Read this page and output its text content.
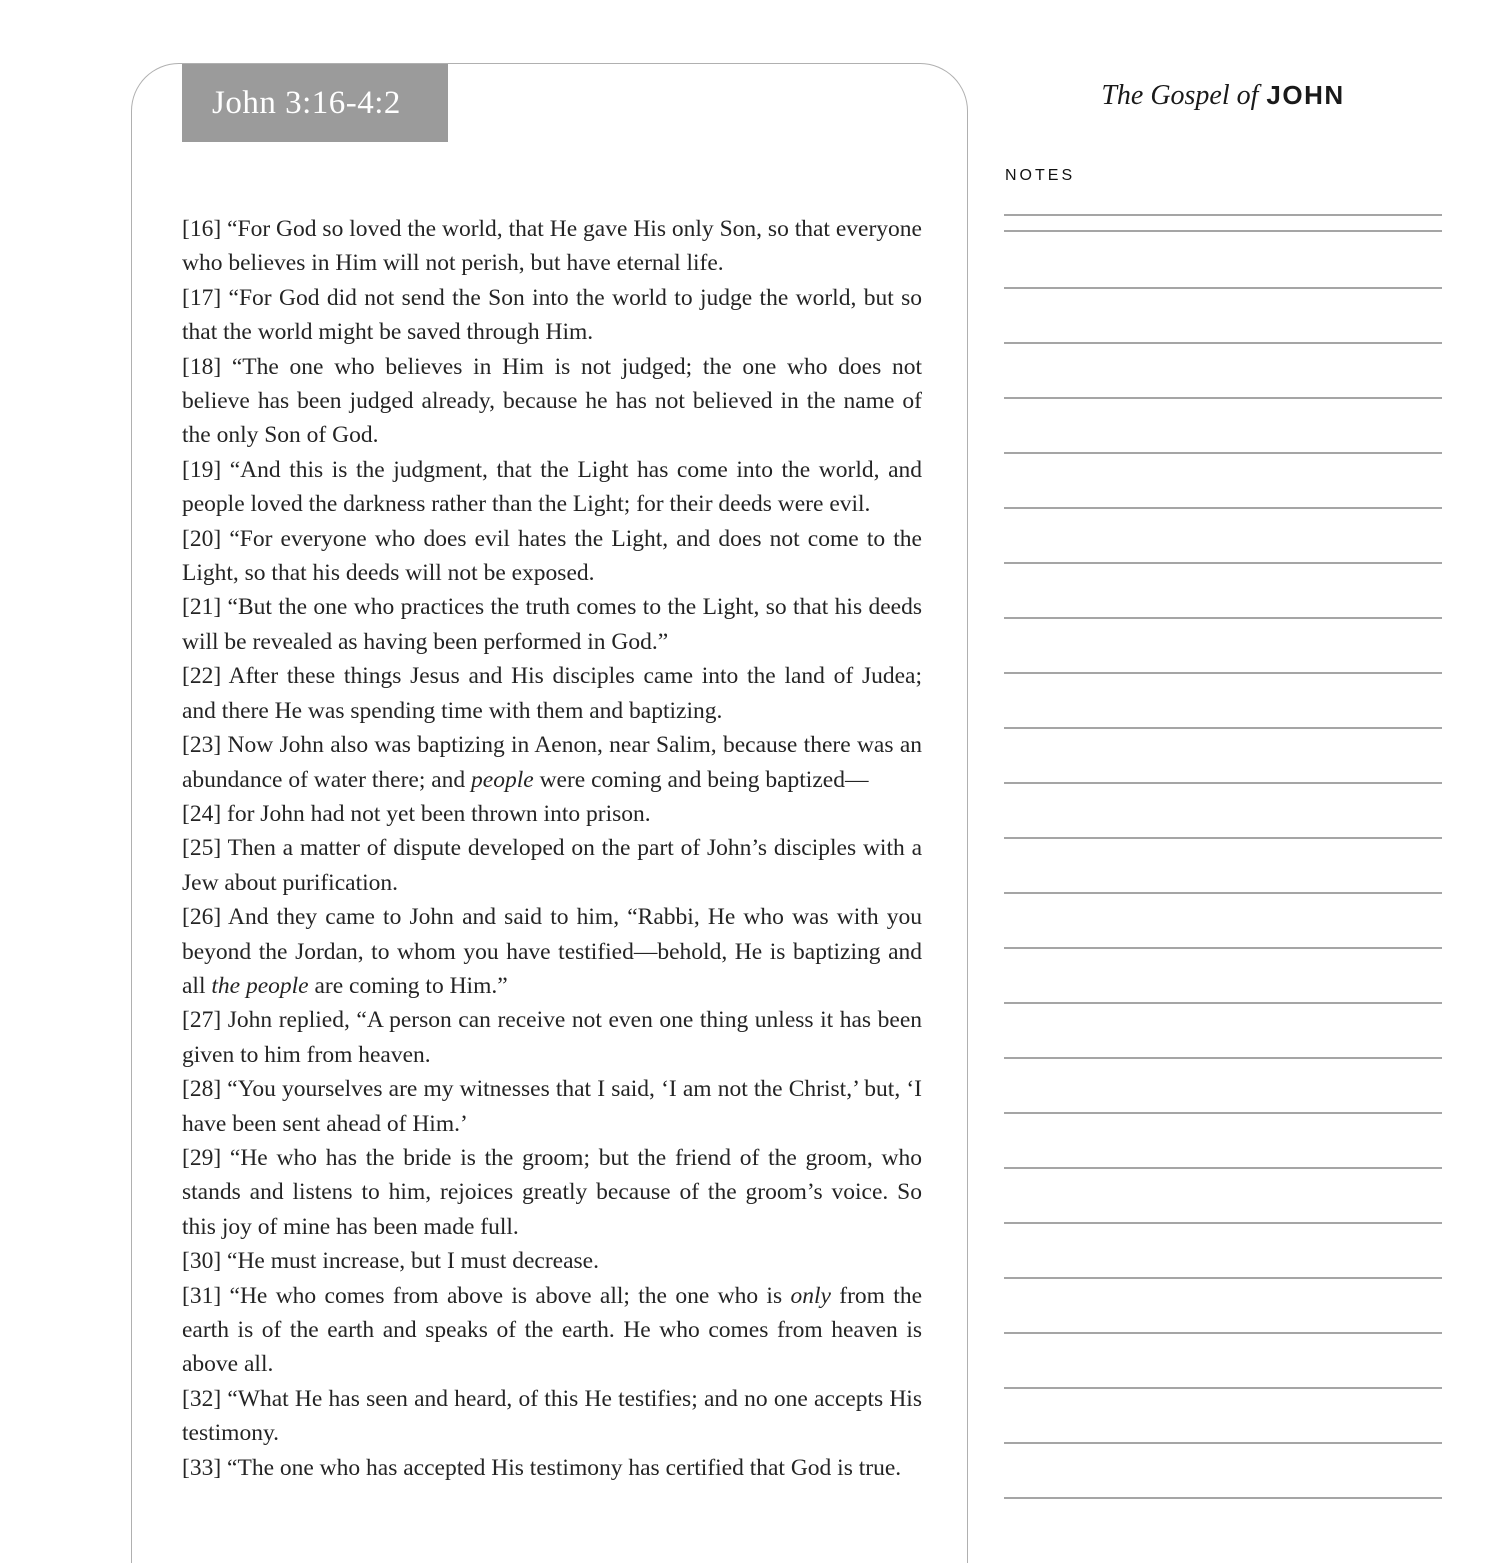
John 3:16-4:2

[16] “For God so loved the world, that He gave His only Son, so that everyone who believes in Him will not perish, but have eternal life.

[17] “For God did not send the Son into the world to judge the world, but so that the world might be saved through Him.

[18] “The one who believes in Him is not judged; the one who does not believe has been judged already, because he has not believed in the name of the only Son of God.

[19] “And this is the judgment, that the Light has come into the world, and people loved the darkness rather than the Light; for their deeds were evil.

[20] “For everyone who does evil hates the Light, and does not come to the Light, so that his deeds will not be exposed.

[21] “But the one who practices the truth comes to the Light, so that his deeds will be revealed as having been performed in God.”

[22] After these things Jesus and His disciples came into the land of Judea; and there He was spending time with them and baptizing.

[23] Now John also was baptizing in Aenon, near Salim, because there was an abundance of water there; and people were coming and being baptized—

[24] for John had not yet been thrown into prison.

[25] Then a matter of dispute developed on the part of John’s disciples with a Jew about purification.

[26] And they came to John and said to him, “Rabbi, He who was with you beyond the Jordan, to whom you have testified—behold, He is baptizing and all the people are coming to Him.”

[27] John replied, “A person can receive not even one thing unless it has been given to him from heaven.

[28] “You yourselves are my witnesses that I said, ‘I am not the Christ,’ but, ‘I have been sent ahead of Him.’

[29] “He who has the bride is the groom; but the friend of the groom, who stands and listens to him, rejoices greatly because of the groom’s voice. So this joy of mine has been made full.

[30] “He must increase, but I must decrease.

[31] “He who comes from above is above all; the one who is only from the earth is of the earth and speaks of the earth. He who comes from heaven is above all.

[32] “What He has seen and heard, of this He testifies; and no one accepts His testimony.

[33] “The one who has accepted His testimony has certified that God is true.

The Gospel of JOHN
NOTES
